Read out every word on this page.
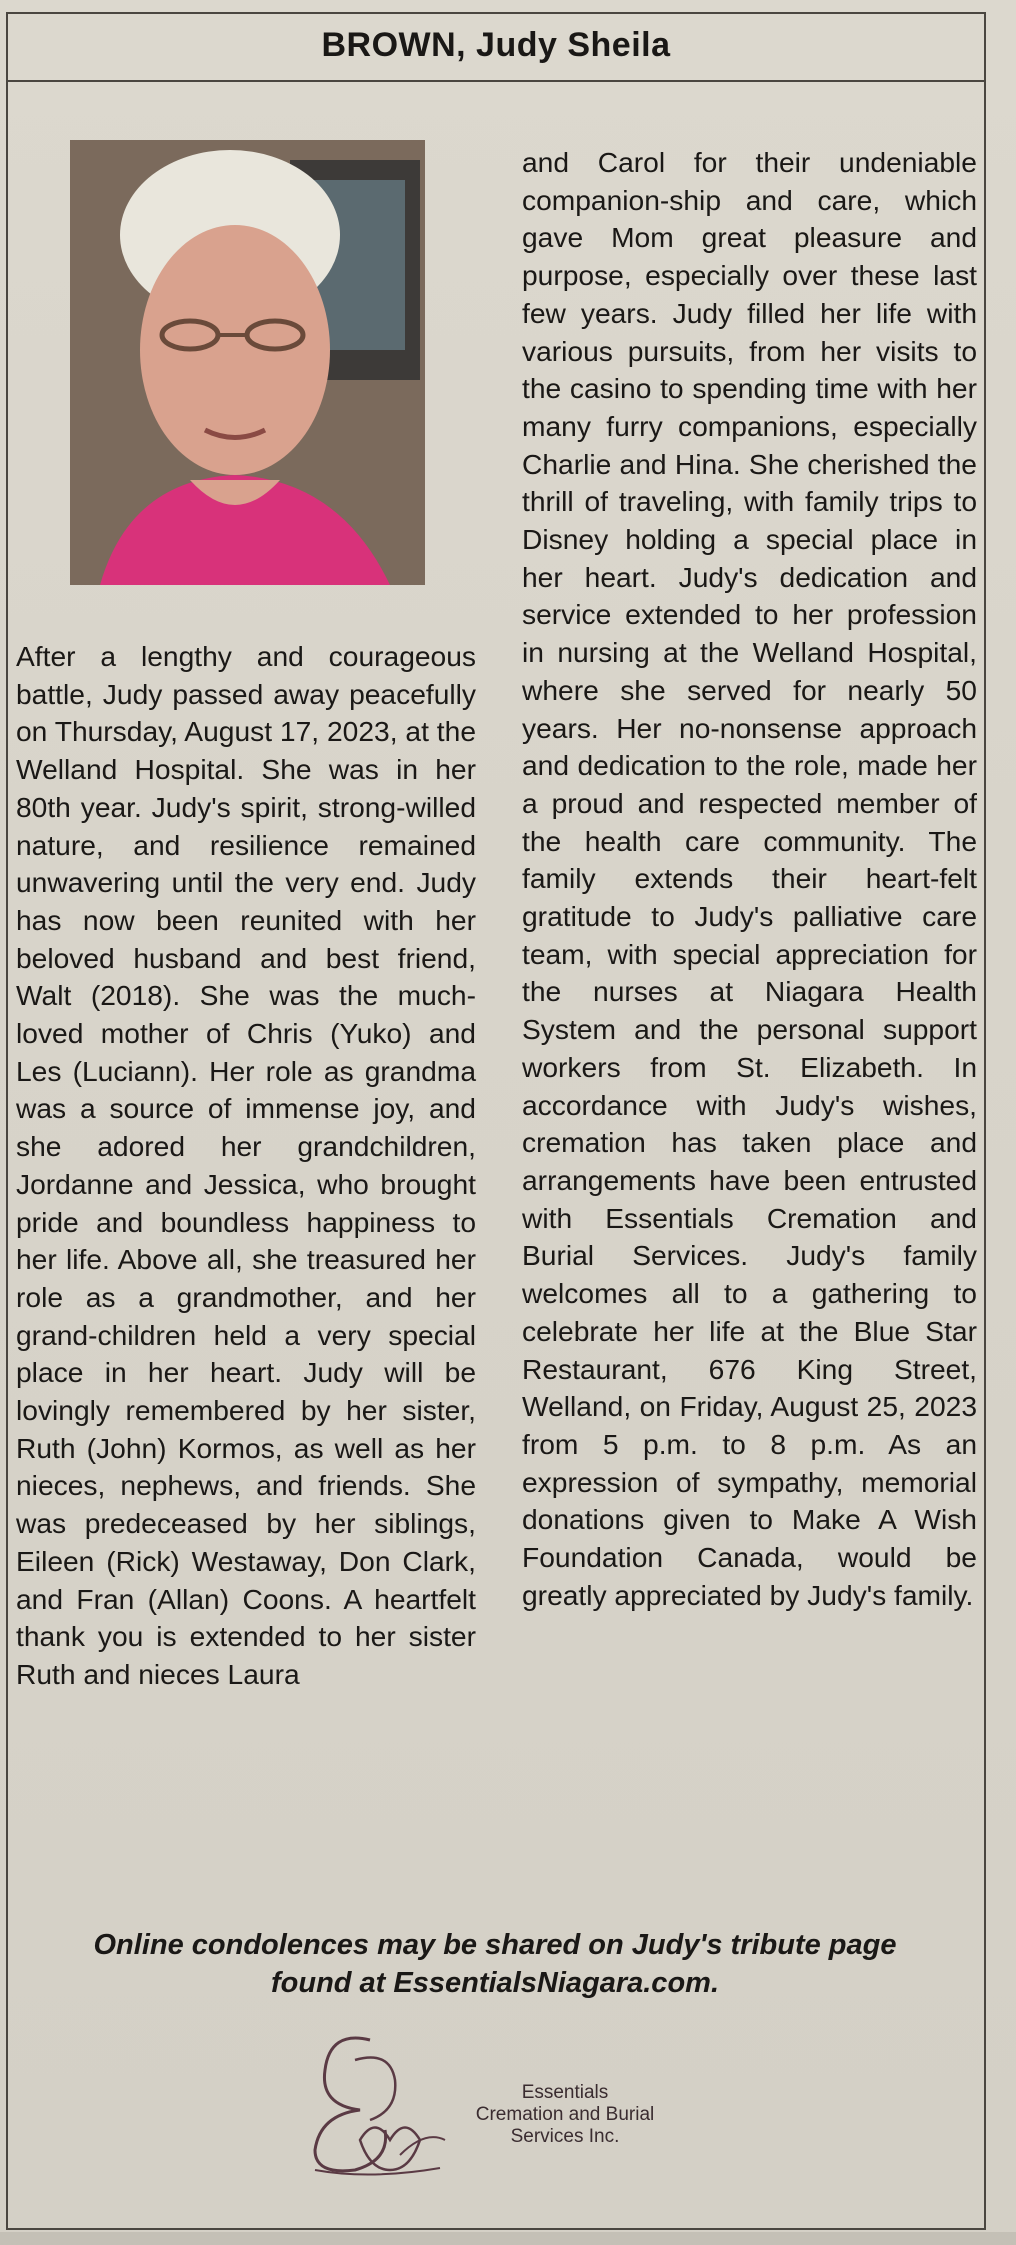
BROWN, Judy Sheila

After a lengthy and courageous battle, Judy passed away peacefully on Thursday, August 17, 2023, at the Welland Hospital. She was in her 80th year. Judy's spirit, strong-willed nature, and resilience remained unwavering until the very end. Judy has now been reunited with her beloved husband and best friend, Walt (2018). She was the much-loved mother of Chris (Yuko) and Les (Luciann). Her role as grandma was a source of immense joy, and she adored her grandchildren, Jordanne and Jessica, who brought pride and boundless happiness to her life. Above all, she treasured her role as a grandmother, and her grand-children held a very special place in her heart. Judy will be lovingly remembered by her sister, Ruth (John) Kormos, as well as her nieces, nephews, and friends. She was predeceased by her siblings, Eileen (Rick) Westaway, Don Clark, and Fran (Allan) Coons. A heartfelt thank you is extended to her sister Ruth and nieces Laura

and Carol for their undeniable companion-ship and care, which gave Mom great pleasure and purpose, especially over these last few years. Judy filled her life with various pursuits, from her visits to the casino to spending time with her many furry companions, especially Charlie and Hina. She cherished the thrill of traveling, with family trips to Disney holding a special place in her heart. Judy's dedication and service extended to her profession in nursing at the Welland Hospital, where she served for nearly 50 years. Her no-nonsense approach and dedication to the role, made her a proud and respected member of the health care community. The family extends their heart-felt gratitude to Judy's palliative care team, with special appreciation for the nurses at Niagara Health System and the personal support workers from St. Elizabeth. In accordance with Judy's wishes, cremation has taken place and arrangements have been entrusted with Essentials Cremation and Burial Services. Judy's family welcomes all to a gathering to celebrate her life at the Blue Star Restaurant, 676 King Street, Welland, on Friday, August 25, 2023 from 5 p.m. to 8 p.m. As an expression of sympathy, memorial donations given to Make A Wish Foundation Canada, would be greatly appreciated by Judy's family.

Online condolences may be shared on Judy's tribute page
found at EssentialsNiagara.com.
Essentials
Cremation and Burial
Services Inc.
